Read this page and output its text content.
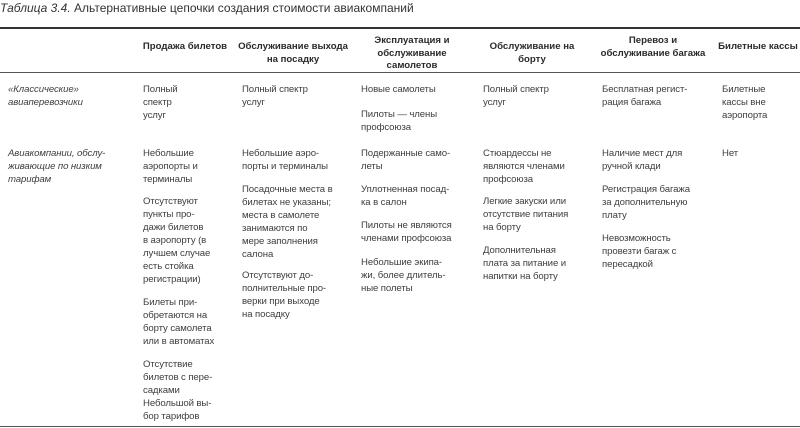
Таблица 3.4. Альтернативные цепочки создания стоимости авиакомпаний
Продажа билетов	Обслуживание выхода на посадку
Эксплуатация и обслуживание самолетов
Обслуживание на борту
Перевоз и обслуживание багажа
Билетные кассы

«Классические»
авиаперевозчики

Авиакомпании, обслу-
живающие по низким
тарифам

Полный
спектр
услуг

Небольшие
аэропорты и
терминалы

Отсутствуют
пункты про-
дажи билетов
в аэропорту (в
лучшем случае
есть стойка
регистрации)

Билеты при-
обретаются на
борту самолета
или в автоматах

Отсутствие
билетов с пере-
садками
Небольшой вы-
бор тарифов

Полный спектр
услуг

Небольшие аэро-
порты и терминалы

Посадочные места в
билетах не указаны;
места в самолете
занимаются по
мере заполнения
салона

Отсутствуют до-
полнительные про-
верки при выходе
на посадку

Новые самолеты

Пилоты — члены
профсоюза

Подержанные само-
леты

Уплотненная посад-
ка в салон

Пилоты не являются
членами профсоюза

Небольшие экипа-
жи, более длитель-
ные полеты

Полный спектр
услуг

Стюардессы не
являются членами
профсоюза

Легкие закуски или
отсутствие питания
на борту

Дополнительная
плата за питание и
напитки на борту

Бесплатная регист-
рация багажа

Наличие мест для
ручной клади

Регистрация багажа
за дополнительную
плату

Невозможность
провезти багаж с
пересадкой

Билетные
кассы вне
аэропорта

Нет
